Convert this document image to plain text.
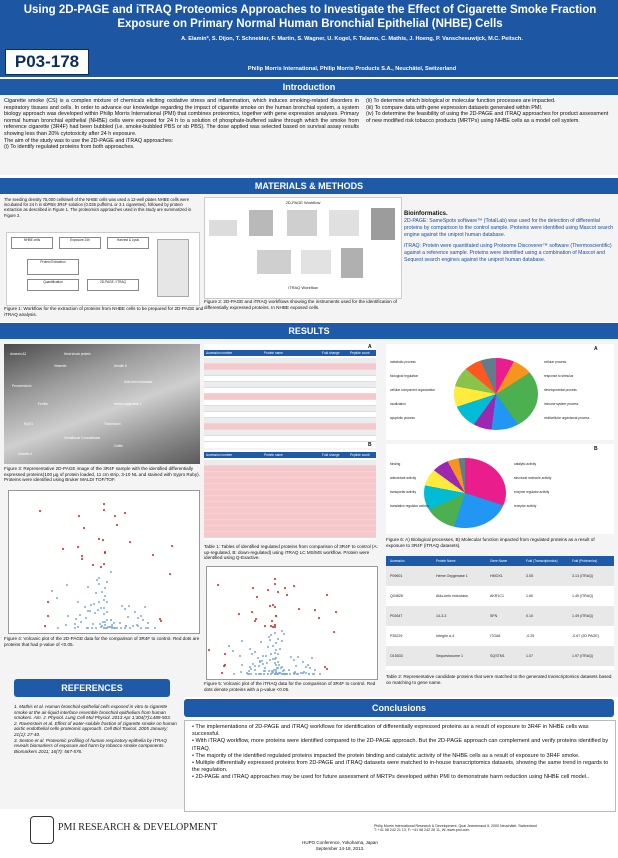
Using 2D-PAGE and iTRAQ Proteomics Approaches to Investigate the Effect of Cigarette Smoke Fraction Exposure on Primary Normal Human Bronchial Epithelial (NHBE) Cells
P03-178
A. Elamin*, S. Dijon, T. Schneider, F. Martin, S. Wagner, U. Kogel, F. Talamo, C. Mathis, J. Hoeng, P. Vanscheeuwijck, M.C. Peitsch.
Philip Morris International, Philip Morris Products S.A., Neuchâtel, Switzerland
Introduction
Cigarette smoke (CS) is a complex mixture of chemicals eliciting oxidative stress and inflammation, which induces smoking-related disorders in respiratory tissues and cells. In order to advance our knowledge regarding the impact of cigarette smoke on the human bronchial system, a system biology approach was developed within Philip Morris International (PMI) that combines proteomics, together with gene expression analyses. Primary normal human bronchial epithelial (NHBE) cells were exposed for 24 h to a solution of phosphate-buffered saline through which the smoke from reference cigarette (3R4F) had been bubbled (i.e. smoke-bubbled PBS or sb PBS). The dose applied was selected based on survival assay results showing less than 20% cytotoxicity after 24 h exposure.
The aim of the study was to use the 2D-PAGE and iTRAQ approaches:
(i) To identify regulated proteins from both approaches.
(ii) To determine which biological or molecular function processes are impacted.
(iii) To compare data with gene expression datasets generated within PMI.
(iv) To determine the feasibility of using the 2D-PAGE and iTRAQ approaches for product assessment of new modified risk tobacco products (MRTPs) using NHBE cells as a model cell system.
MATERIALS & METHODS
The seeding density 75,000 cells/well of the NHBE cells was used a 12-well plates NHBE cells were incubated for 24 h in sbPBS 3R4F solution (0.035 puffs/mL or 3.1 cigarettes), followed by protein extraction as described in Figure 1. The proteomics approaches used in this study are summarized in Figure 2.
NHBE cells	Exposure 24h	Harvest & Lysis
Protein Extraction
Quantification	2D-PAGE / iTRAQ
Figure 1: Workflow for the extraction of proteins from NHBE cells to be prepared for 2D-PAGE and iTRAQ analysis.
2D-PAGE Workflow
iTRAQ Workflow
Figure 2: 2D-PAGE and iTRAQ workflows showing the instruments used for the identification of differentially expressed proteins. In NHBE exposed cells.
Bioinformatics.
2D-PAGE: SameSpots software™ (TotalLab) was used for the detection of differential proteins by comparison to the control sample. Proteins were identified using Mascot search engine against the uniprot human database.
iTRAQ: Protein were quantitated using Proteome Discoverer™ software (Thermoscientific) against a reference sample. Proteins were identified using a combination of Mascot and Sequest search engines against the uniprot human database.
RESULTS
Annexin A2	Heat shock protein
Vimentin	Keratin 8
Peroxiredoxin
Aldo-keto reductase
Ferritin	Heme oxygenase 1
NQO1	Thioredoxin
Glutathione S-transferase
Cofilin
Galectin-1
Figure 3: Representative 2D-PAGE image of the 3R4F sample with the identified differentially expressed proteins(100 µg of protein loaded, 11 cm strip, 3-10 NL and stained with Sypro Ruby). Proteins were identified using Bruker MALDI TOF/TOF.
Figure 4: Volcanic plot of the 2D-PAGE data for the comparison of 3R4F to control. Red dots are proteins that had p-value of <0.05.
Accession number	Protein name	Fold change	Peptide count
A
Accession number	Protein name	Fold change	Peptide count
B
Table 1: Tables of identified regulated proteins from comparison of 3R4F to control (A: up-regulated, B: down-regulated) using iTRAQ LC MS/MS workflow. Protein were identified using Q-Exactive.
Figure 5: Volcanic plot of the iTRAQ data for the comparison of 3R4F to control. Red dots denote proteins with a p-value <0.05.
A
cellular process
metabolic process
response to stimulus
biological regulation
developmental process
cellular component organization
immune system process
localization
multicellular organismal process
apoptotic process
B
catalytic activity
binding
structural molecule activity
antioxidant activity
enzyme regulator activity
transporter activity
receptor activity
translation regulator activity
Figure 6: A) Biological processes, B) Molecular function impacted from regulated proteins as a result of exposure to 3R4F (iTRAQ datasets).
Accession	Protein Name	Gene Name	Fold (Transcriptomics)	Fold (Proteomics)
P09601	Heme Oxygenase 1	HMOX1	3.05	3.13 (iTRAQ)
Q04828	Aldo-keto reductase	AKR1C1	1.60	1.49 (iTRAQ)
P02647	14-3-3	SFN	0.10	1.49 (iTRAQ)
P35229	Integrin α-4	ITGA6	-0.25	-0.67 (2D PAGE)
O15533	Sequestosome 1	SQSTM1	1.07	1.97 (iTRAQ)
Table 2: Representative candidate proteins that were matched to the generated transcriptomics datasets based on matching to gene name.
REFERENCES
1. Mathis et al. Human bronchial epithelial cells exposed in vitro to cigarette smoke at the air-liquid interface resemble bronchial epithelium from human smokers. Am. J. Physiol. Lung Cell Mol Physiol. 2013 Apr 1;304(7):L489-503.
2. Ravenstein et al. Effect of water-soluble fraction of cigarette smoke on human aortic endothelial cells-proteomic approach. Cell Biol Toxicol. 2005 January; 21(1): 27-40.
3. Sexton et al. Proteomic profiling of human respiratory epithelia by iTRAQ reveals biomarkers of exposure and harm by tobacco smoke components. Biomarkers 2011; 16(7): 567-576.
Conclusions
• The implementations of 2D-PAGE and iTRAQ workflows for identification of differentially expressed proteins as a result of exposure to 3R4F in NHBE cells was successful.
• With iTRAQ workflow, more proteins were identified compared to the 2D-PAGE approach. But the 2D-PAGE approach can complement and verify proteins identified by iTRAQ.
• The majority of the identified regulated proteins impacted the protein binding and catalytic activity of the NHBE cells as a result of exposure to 3R4F smoke.
• Multiple differentially expressed proteins from 2D-PAGE and iTRAQ datasets were matched to in-house transcriptomics datasets, showing the same trend in regards to the regulation.
• 2D-PAGE and iTRAQ approaches may be used for future assessment of MRTPs developed within PMI to demonstrate harm reduction using NHBE cell model..
PMI RESEARCH & DEVELOPMENT	Philip Morris International Research & Development, Quai Jeanrenaud 5, 2000 Neuchâtel, Switzerland
T: +41 58 242 21 13, F: +41 58 242 28 11, W: www.pmi.com
HUPO Conference, Yokohama, Japan
September 14-18, 2013.
